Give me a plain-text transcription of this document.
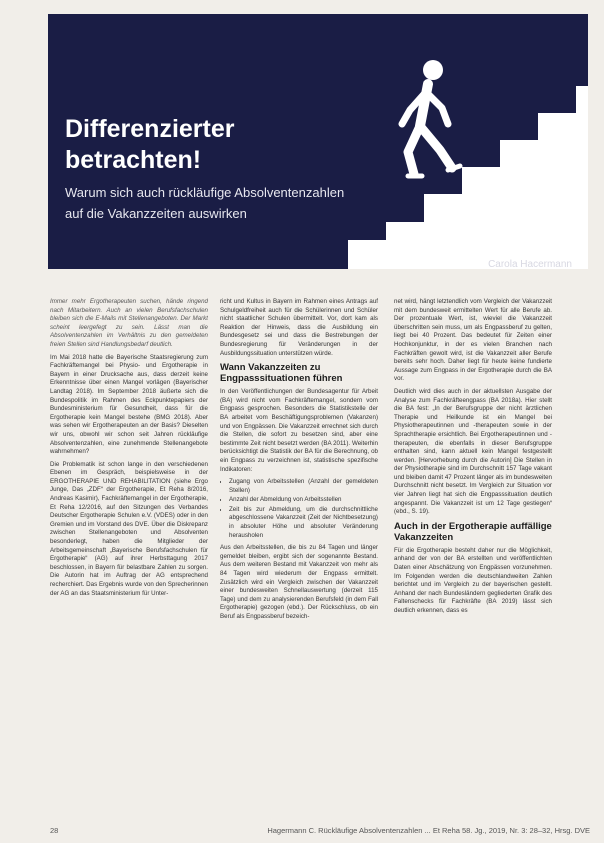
Differenzierter
betrachten!
Warum sich auch rückläufige Absolventenzahlen
auf die Vakanzzeiten auswirken
Carola Hacermann

Immer mehr Ergotherapeuten suchen, hände ringend nach Mitarbeitern. Auch an vielen Berufsfachschulen bleiben sich die E-Mails mit Stellenangeboten. Der Markt scheint leergefegt zu sein. Lässt man die Absolventenzahlen im Verhältnis zu den gemeldeten freien Stellen sind Handlungsbedarf deutlich.

Im Mai 2018 hatte die Bayerische Staatsregierung zum Fachkräftemangel bei Physio- und Ergotherapie in Bayern in einer Drucksache aus, dass derzeit keine Erkenntnisse über einen Mangel vorlägen (Bayerischer Landtag 2018). Im September 2018 äußerte sich die Bundespolitik im Rahmen des Eckpunktepapiers der Bundesministerium für Gesundheit, dass für die Ergotherapie kein Mangel bestehe (BMG 2018). Aber was sehen wir Ergotherapeuten an der Basis? Dieselten wir uns, obwohl wir schon seit Jahren rückläufige Absolventenzahlen, eine zunehmende Stellenangebote wahrnehmen?

Die Problematik ist schon lange in den verschiedenen Ebenen im Gespräch, beispielsweise in der ERGOTHERAPIE UND REHABILITATION (siehe Ergo Junge, Das „ZDF“ der Ergotherapie, Et Reha 8/2016, Andreas Kasimir), Fachkräftemangel in der Ergotherapie, Et Reha 12/2016, auf den Sitzungen des Verbandes Deutscher Ergotherapie Schulen e.V. (VDES) oder in den Gremien und im Vorstand des DVE. Über die Diskrepanz zwischen Stellenangeboten und Absolventen besonderlegt, haben die Mitglieder der Arbeitsgemeinschaft „Bayerische Berufsfachschulen für Ergotherapie“ (AG) auf ihrer Herbsttagung 2017 beschlossen, in Bayern für belastbare Zahlen zu sorgen. Die Autorin hat im Auftrag der AG entsprechend recherchiert. Das Ergebnis wurde von den Sprecherinnen der AG an das Staatsministerium für Unter-

richt und Kultus in Bayern im Rahmen eines Antrags auf Schulgeldfreiheit auch für die Schülerinnen und Schüler nicht staatlicher Schulen übermittelt. Vor, dort kam als Reaktion der Hinweis, dass die Ausbildung ein Bundesgesetz sei und dass die Bestrebungen der Bundesregierung für Veränderungen in der Ausbildungssituation unterstützen würde.

Wann Vakanzzeiten zu Engpasssituationen führen

In den Veröffentlichungen der Bundesagentur für Arbeit (BA) wird nicht vom Fachkräftemangel, sondern vom Engpass gesprochen. Besonders die Statistikstelle der BA arbeitet vom Beschäftigungsproblemen (Vakanzen) und von Engpässen. Die Vakanzzeit errechnet sich durch die Stellen, die sofort zu besetzen sind, aber eine bestimmte Zeit nicht besetzt werden (BA 2011). Weiterhin berücksichtigt die Statistik der BA für die Berechnung, ob ein Engpass zu verzeichnen ist, statistische spezifische Indikatoren:

• Zugang von Arbeitsstellen (Anzahl der gemeldeten Stellen)
• Anzahl der Abmeldung von Arbeitsstellen
• Zeit bis zur Abmeldung, um die durchschnittliche abgeschlossene Vakanzzeit (Zeit der Nichtbesetzung) in absoluter Höhe und absoluter Veränderung herausholen

Aus den Arbeitsstellen, die bis zu 84 Tagen und länger gemeldet bleiben, ergibt sich der sogenannte Bestand. Aus dem weiteren Bestand mit Vakanzzeit von mehr als 84 Tagen wird wiederum der Engpass ermittelt. Zusätzlich wird ein Vergleich zwischen der Vakanzzeit einer bundesweiten Schnellauswertung (derzeit 115 Tage) und dem zu analysierenden Berufsfeld (in dem Fall Ergotherapie) gezogen (ebd.). Der Rückschluss, ob ein Beruf als Engpassberuf bezeich-

net wird, hängt letztendlich vom Vergleich der Vakanzzeit mit dem bundesweit ermittelten Wert für alle Berufe ab. Der prozentuale Wert, ist, wieviel die Vakanzzeit überschritten sein muss, um als Engpassberuf zu gelten, liegt bei 40 Prozent. Das bedeutet für Zeiten einer Hochkonjunktur, in der es vielen Branchen nach Fachkräften gewolt wird, ist die Vakanzzeit aller Berufe bereits sehr hoch. Daher liegt für heute keine fundierte Aussage zum Engpass in der Ergotherapie durch die BA vor.

Deutlich wird dies auch in der aktuellsten Ausgabe der Analyse zum Fachkräfteengpass (BA 2018a). Hier stellt die BA fest: „In der Berufsgruppe der nicht ärztlichen Therapie und Heilkunde ist ein Mangel bei Physiotherapeutinnen und -therapeuten sowie in der Sprachtherapie ersichtlich. Bei Ergotherapeutinnen und -therapeuten, die ebenfalls in dieser Berufsgruppe enthalten sind, kann aktuell kein Mangel festgestellt werden. [Hervorhebung durch die Autorin] Die Stellen in der Physiotherapie sind im Durchschnitt 157 Tage vakant und bleiben damit 47 Prozent länger als im bundesweiten Durchschnitt nicht besetzt. Im Vergleich zur Situation vor vier Jahren liegt hat sich die Engpasssituation deutlich angespannt. Die Vakanzzeit ist um 12 Tage gestiegen“ (ebd., S. 19).

Auch in der Ergotherapie auffällige Vakanzzeiten

Für die Ergotherapie besteht daher nur die Möglichkeit, anhand der von der BA erstellten und veröffentlichten Daten einer Abschätzung von Engpässen vorzunehmen. Im Folgenden werden die deutschlandweiten Zahlen berichtet und im Vergleich zu der bayerischen gestellt. Anhand der nach Bundesländern gegliederten Grafik des Faltenschecks für Fachkräfte (BA 2019) lässt sich deutlich erkennen, dass es

28	Hagermann C. Rückläufige Absolventenzahlen ... Et Reha 58. Jg., 2019, Nr. 3: 28–32, Hrsg. DVE
